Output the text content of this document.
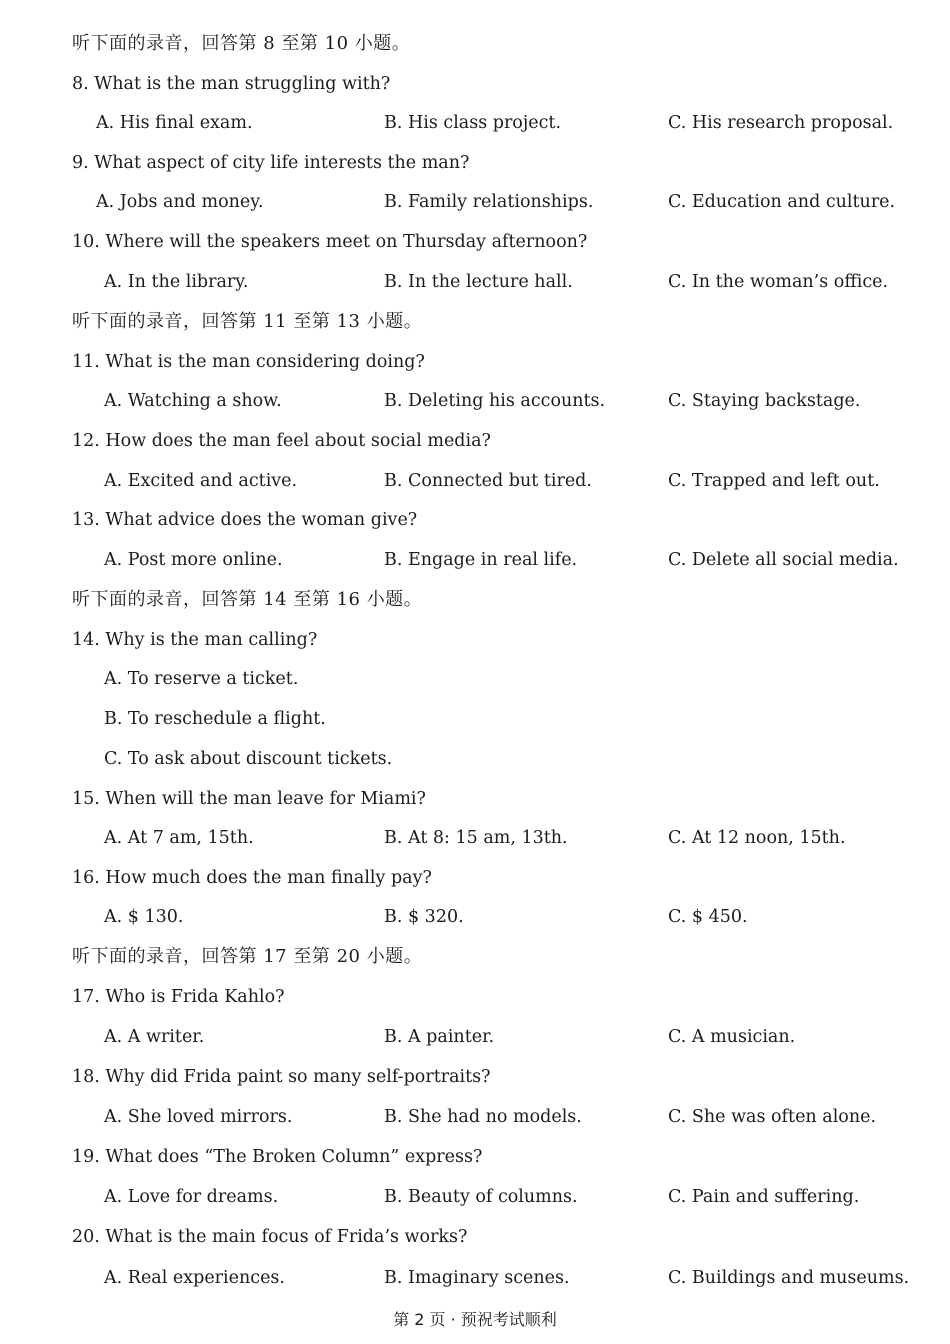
听下面的录音，回答第 8 至第 10 小题。
8. What is the man struggling with?
A. His final exam.	B. His class project.	C. His research proposal.
9. What aspect of city life interests the man?
A. Jobs and money.	B. Family relationships.	C. Education and culture.
10. Where will the speakers meet on Thursday afternoon?
A. In the library.	B. In the lecture hall.	C. In the woman’s office.
听下面的录音，回答第 11 至第 13 小题。
11. What is the man considering doing?
A. Watching a show.	B. Deleting his accounts.	C. Staying backstage.
12. How does the man feel about social media?
A. Excited and active.	B. Connected but tired.	C. Trapped and left out.
13. What advice does the woman give?
A. Post more online.	B. Engage in real life.	C. Delete all social media.
听下面的录音，回答第 14 至第 16 小题。
14. Why is the man calling?
A. To reserve a ticket.
B. To reschedule a flight.
C. To ask about discount tickets.
15. When will the man leave for Miami?
A. At 7 am, 15th.	B. At 8: 15 am, 13th.	C. At 12 noon, 15th.
16. How much does the man finally pay?
A. $ 130.	B. $ 320.	C. $ 450.
听下面的录音，回答第 17 至第 20 小题。
17. Who is Frida Kahlo?
A. A writer.	B. A painter.	C. A musician.
18. Why did Frida paint so many self-portraits?
A. She loved mirrors.	B. She had no models.	C. She was often alone.
19. What does “The Broken Column” express?
A. Love for dreams.	B. Beauty of columns.	C. Pain and suffering.
20. What is the main focus of Frida’s works?
A. Real experiences.	B. Imaginary scenes.	C. Buildings and museums.
第 2 页 · 预祝考试顺利
